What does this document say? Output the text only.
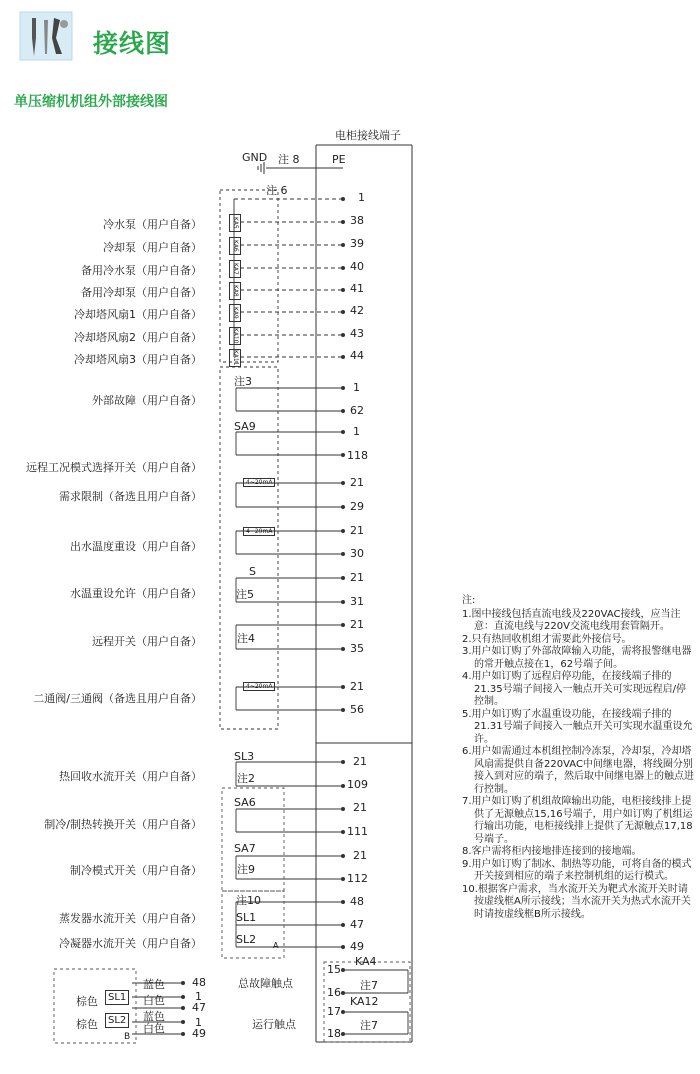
接线图
单压缩机机组外部接线图
电柜接线端子
GND 注 8	PE
注 6
KA5
KA6
KA7
KA8
KA9
KA10
KA11
1
38
39
40
41
42
43
44
冷水泵（用户自备）
冷却泵（用户自备）
备用冷水泵（用户自备）
备用冷却泵（用户自备）
冷却塔风扇1（用户自备）
冷却塔风扇2（用户自备）
冷却塔风扇3（用户自备）
外部故障（用户自备）
远程工况模式选择开关（用户自备）
需求限制（备选且用户自备）
出水温度重设（用户自备）
水温重设允许（用户自备）
远程开关（用户自备）
二通阀/三通阀（备选且用户自备）
热回收水流开关（用户自备）
制冷/制热转换开关（用户自备）
制冷模式开关（用户自备）
蒸发器水流开关（用户自备）
冷凝器水流开关（用户自备）
总故障触点
运行触点
注3
SA9
4~20mA
4~20mA
4~20mA
S
注5
注4
SL3
注2
SA6
SA7
注9
注10
SL1
SL2 A
KA4
注7
KA12
注7
B
1
62
1
118
21
29
21
30
21
31
21
35
21
56
21
109
21
111
21
112
48
47
49
15
16
17
18
棕色
棕色
SL1
SL2
蓝色
白色
蓝色
白色
48
1
47
1
49
注:
1.图中接线包括直流电线及220VAC接线，应当注意：直流电线与220V交流电线用套管隔开。
2.只有热回收机组才需要此外接信号。
3.用户如订购了外部故障输入功能，需将报警继电器的常开触点接在1，62号端子间。
4.用户如订购了远程启停功能，在接线端子排的21.35号端子间接入一触点开关可实现远程启/停控制。
5.用户如订购了水温重设功能，在接线端子排的21.31号端子间接入一触点开关可实现水温重设允许。
6.用户如需通过本机组控制冷冻泵，冷却泵，冷却塔风扇需提供自备220VAC中间继电器，将线圈分别接入到对应的端子，然后取中间继电器上的触点进行控制。
7.用户如订购了机组故障输出功能，电柜接线排上提供了无源触点15,16号端子，用户如订购了机组运行输出功能，电柜接线排上提供了无源触点17,18号端子。
8.客户需将柜内接地排连接到的接地端。
9.用户如订购了制冰、制热等功能，可将自备的模式开关接到相应的端子来控制机组的运行模式。
10.根据客户需求，当水流开关为靶式水流开关时请按虚线框A所示接线；当水流开关为热式水流开关时请按虚线框B所示接线。
